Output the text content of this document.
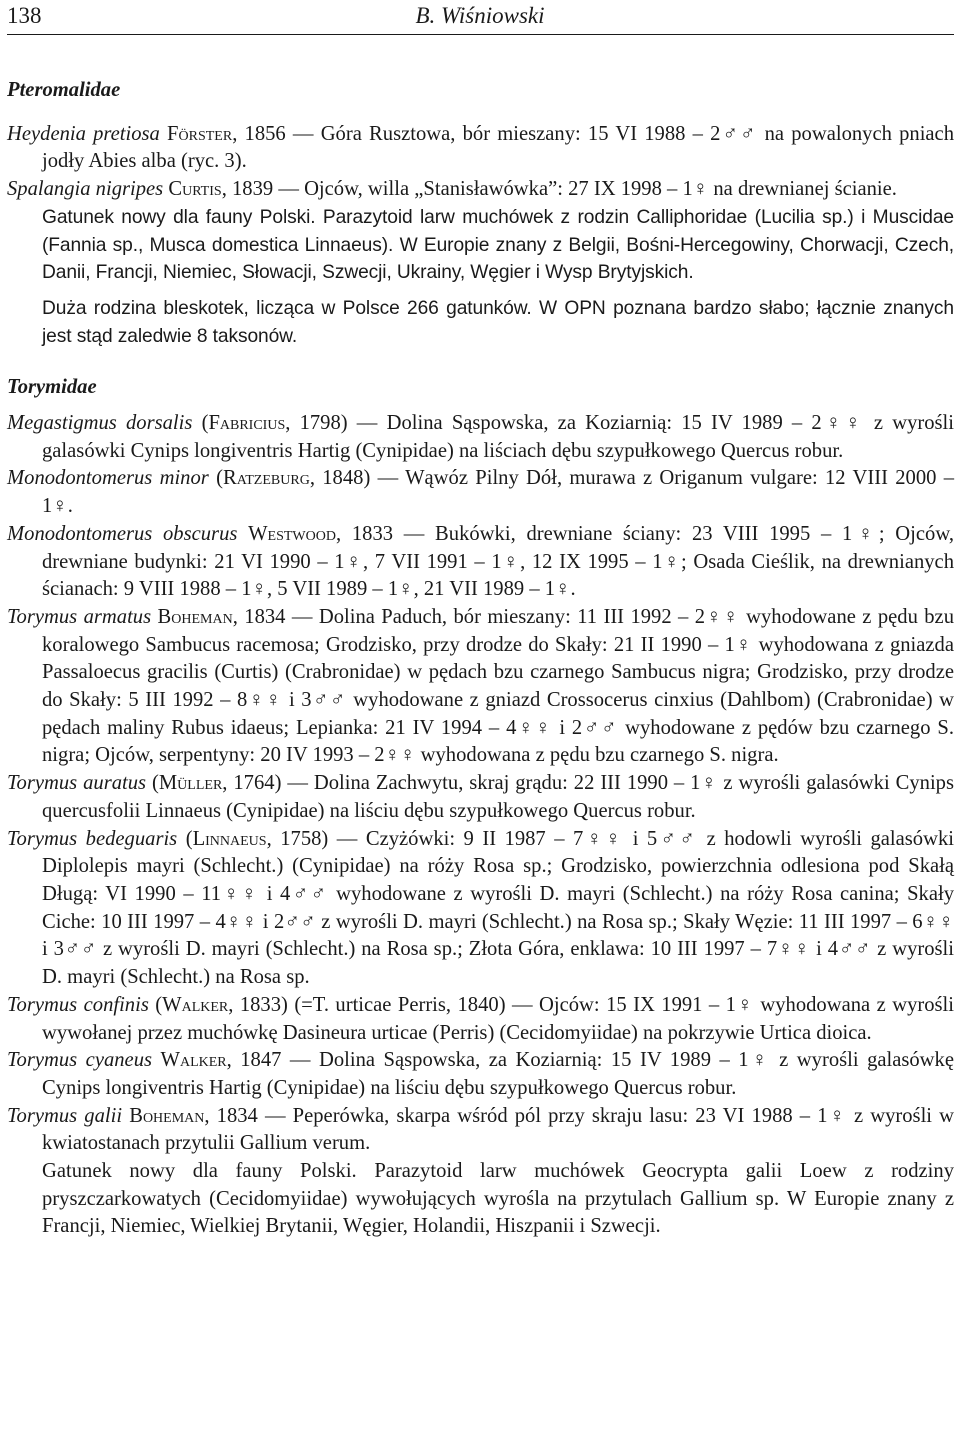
138	B. Wiśniowski

Pteromalidae

Heydenia pretiosa Förster, 1856 — Góra Rusztowa, bór mieszany: 15 VI 1988 – 2♂♂ na powalonych pniach jodły Abies alba (ryc. 3).

Spalangia nigripes Curtis, 1839 — Ojców, willa „Stanisławówka”: 27 IX 1998 – 1♀ na drewnianej ścianie.

Gatunek nowy dla fauny Polski. Parazytoid larw muchówek z rodzin Calliphoridae (Lucilia sp.) i Muscidae (Fannia sp., Musca domestica Linnaeus). W Europie znany z Belgii, Bośni-Hercegowiny, Chorwacji, Czech, Danii, Francji, Niemiec, Słowacji, Szwecji, Ukrainy, Węgier i Wysp Brytyjskich.

Duża rodzina bleskotek, licząca w Polsce 266 gatunków. W OPN poznana bardzo słabo; łącznie znanych jest stąd zaledwie 8 taksonów.

Torymidae

Megastigmus dorsalis (Fabricius, 1798) — Dolina Sąspowska, za Koziarnią: 15 IV 1989 – 2♀♀ z wyrośli galasówki Cynips longiventris Hartig (Cynipidae) na liściach dębu szypułkowego Quercus robur.

Monodontomerus minor (Ratzeburg, 1848) — Wąwóz Pilny Dół, murawa z Origanum vulgare: 12 VIII 2000 – 1♀.

Monodontomerus obscurus Westwood, 1833 — Bukówki, drewniane ściany: 23 VIII 1995 – 1♀; Ojców, drewniane budynki: 21 VI 1990 – 1♀, 7 VII 1991 – 1♀, 12 IX 1995 – 1♀; Osada Cieślik, na drewnianych ścianach: 9 VIII 1988 – 1♀, 5 VII 1989 – 1♀, 21 VII 1989 – 1♀.

Torymus armatus Boheman, 1834 — Dolina Paduch, bór mieszany: 11 III 1992 – 2♀♀ wyhodowane z pędu bzu koralowego Sambucus racemosa; Grodzisko, przy drodze do Skały: 21 II 1990 – 1♀ wyhodowana z gniazda Passaloecus gracilis (Curtis) (Crabronidae) w pędach bzu czarnego Sambucus nigra; Grodzisko, przy drodze do Skały: 5 III 1992 – 8♀♀ i 3♂♂ wyhodowane z gniazd Crossocerus cinxius (Dahlbom) (Crabronidae) w pędach maliny Rubus idaeus; Lepianka: 21 IV 1994 – 4♀♀ i 2♂♂ wyhodowane z pędów bzu czarnego S. nigra; Ojców, serpentyny: 20 IV 1993 – 2♀♀ wyhodowana z pędu bzu czarnego S. nigra.

Torymus auratus (Müller, 1764) — Dolina Zachwytu, skraj grądu: 22 III 1990 – 1♀ z wyrośli galasówki Cynips quercusfolii Linnaeus (Cynipidae) na liściu dębu szypułkowego Quercus robur.

Torymus bedeguaris (Linnaeus, 1758) — Czyżówki: 9 II 1987 – 7♀♀ i 5♂♂ z hodowli wyrośli galasówki Diplolepis mayri (Schlecht.) (Cynipidae) na róży Rosa sp.; Grodzisko, powierzchnia odlesiona pod Skałą Długą: VI 1990 – 11♀♀ i 4♂♂ wyhodowane z wyrośli D. mayri (Schlecht.) na róży Rosa canina; Skały Ciche: 10 III 1997 – 4♀♀ i 2♂♂ z wyrośli D. mayri (Schlecht.) na Rosa sp.; Skały Węzie: 11 III 1997 – 6♀♀ i 3♂♂ z wyrośli D. mayri (Schlecht.) na Rosa sp.; Złota Góra, enklawa: 10 III 1997 – 7♀♀ i 4♂♂ z wyrośli D. mayri (Schlecht.) na Rosa sp.

Torymus confinis (Walker, 1833) (=T. urticae Perris, 1840) — Ojców: 15 IX 1991 – 1♀ wyhodowana z wyrośli wywołanej przez muchówkę Dasineura urticae (Perris) (Cecidomyiidae) na pokrzywie Urtica dioica.

Torymus cyaneus Walker, 1847 — Dolina Sąspowska, za Koziarnią: 15 IV 1989 – 1♀ z wyrośli galasówkę Cynips longiventris Hartig (Cynipidae) na liściu dębu szypułkowego Quercus robur.

Torymus galii Boheman, 1834 — Peperówka, skarpa wśród pól przy skraju lasu: 23 VI 1988 – 1♀ z wyrośli w kwiatostanach przytulii Gallium verum.

Gatunek nowy dla fauny Polski. Parazytoid larw muchówek Geocrypta galii Loew z rodziny pryszczarkowatych (Cecidomyiidae) wywołujących wyrośla na przytulach Gallium sp. W Europie znany z Francji, Niemiec, Wielkiej Brytanii, Węgier, Holandii, Hiszpanii i Szwecji.
